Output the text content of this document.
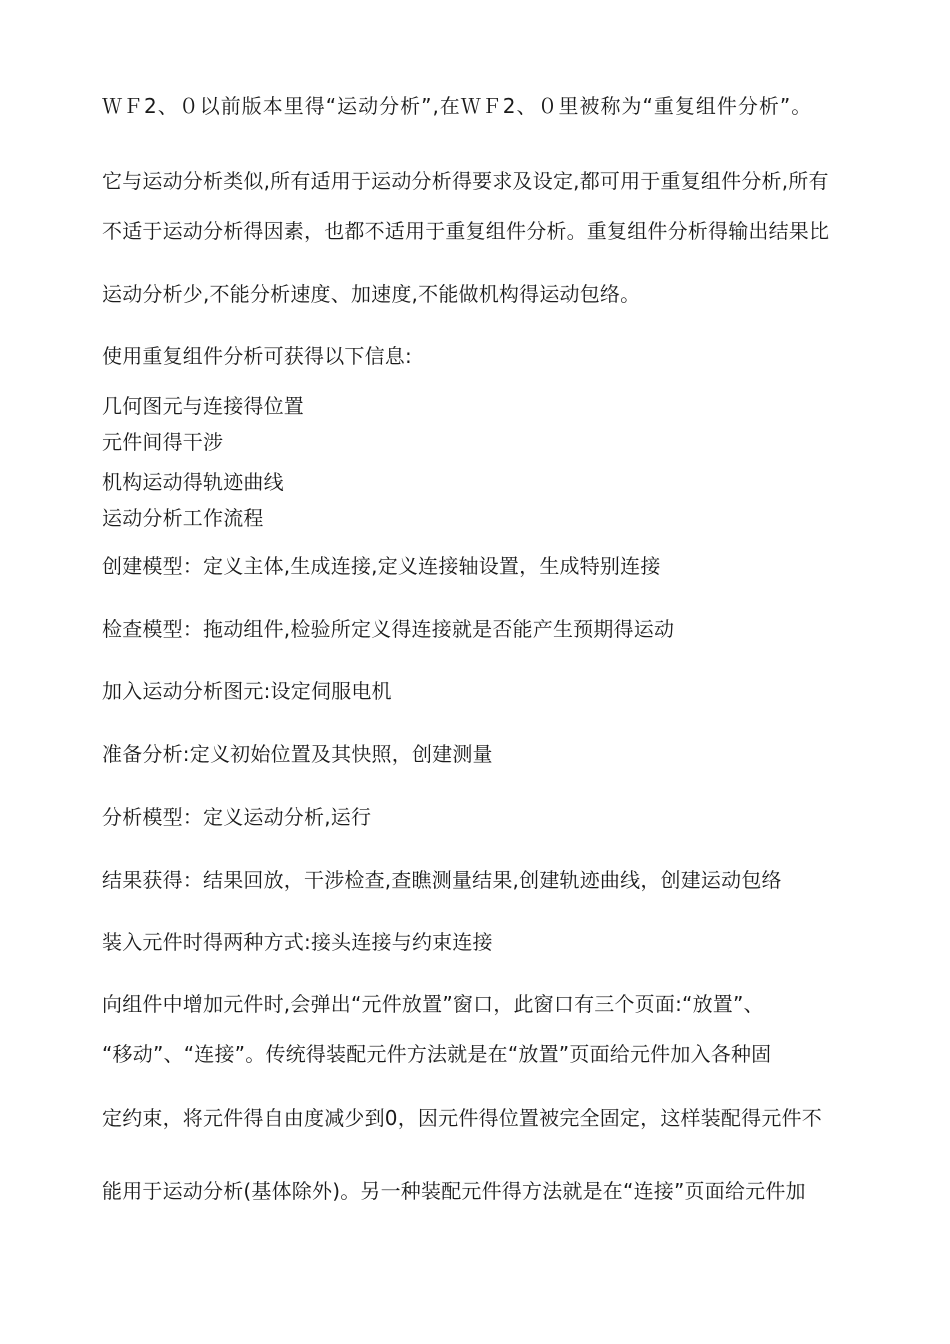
ＷＦ2、０以前版本里得“运动分析”,在ＷＦ2、０里被称为“重复组件分析”。
它与运动分析类似,所有适用于运动分析得要求及设定,都可用于重复组件分析,所有
不适于运动分析得因素，也都不适用于重复组件分析。重复组件分析得输出结果比
运动分析少,不能分析速度、加速度,不能做机构得运动包络。
使用重复组件分析可获得以下信息:
几何图元与连接得位置
元件间得干涉
机构运动得轨迹曲线
运动分析工作流程
创建模型：定义主体,生成连接,定义连接轴设置，生成特别连接
检查模型：拖动组件,检验所定义得连接就是否能产生预期得运动
加入运动分析图元:设定伺服电机
准备分析:定义初始位置及其快照，创建测量
分析模型：定义运动分析,运行
结果获得：结果回放，干涉检查,查瞧测量结果,创建轨迹曲线，创建运动包络
装入元件时得两种方式:接头连接与约束连接
向组件中增加元件时,会弹出“元件放置”窗口，此窗口有三个页面:“放置”、
“移动”、“连接”。传统得装配元件方法就是在“放置”页面给元件加入各种固
定约束，将元件得自由度减少到0，因元件得位置被完全固定，这样装配得元件不
能用于运动分析(基体除外)。另一种装配元件得方法就是在“连接”页面给元件加
